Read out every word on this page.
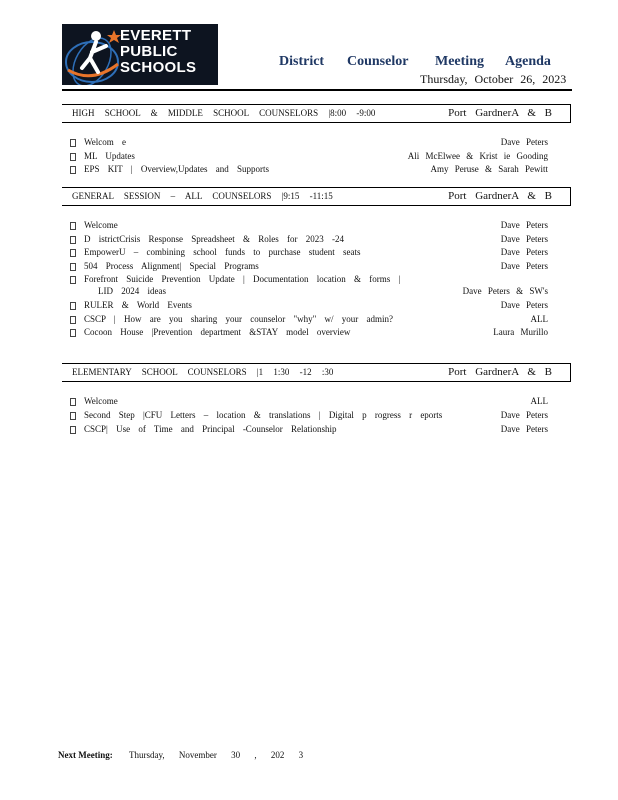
EVERETT
PUBLIC
SCHOOLS	District Counselor Meeting Agenda
Thursday, October 26, 2023
HIGH SCHOOL & MIDDLE SCHOOL COUNSELORS |8:00 -9:00	Port GardnerA & B
Welcom e	Dave Peters
ML Updates	Ali McElwee & Krist ie Gooding
EPS KIT | Overview,Updates and Supports	Amy Peruse & Sarah Pewitt
GENERAL SESSION – ALL COUNSELORS |9:15 -11:15	Port GardnerA & B
Welcome	Dave Peters
D istrictCrisis Response Spreadsheet & Roles for 2023 -24	Dave Peters
EmpowerU – combining school funds to purchase student seats	Dave Peters
504 Process Alignment| Special Programs	Dave Peters
Forefront Suicide Prevention Update | Documentation location & forms |
LID 2024 ideas	Dave Peters & SW's
RULER & World Events	Dave Peters
CSCP | How are you sharing your counselor "why" w/ your admin?	ALL
Cocoon House |Prevention department &STAY model overview	Laura Murillo
ELEMENTARY SCHOOL COUNSELORS |1 1:30 -12 :30	Port GardnerA & B
Welcome	ALL
Second Step |CFU Letters – location & translations | Digital p rogress r eports	Dave Peters
CSCP| Use of Time and Principal -Counselor Relationship	Dave Peters
Next Meeting: Thursday, November 30 , 202 3
